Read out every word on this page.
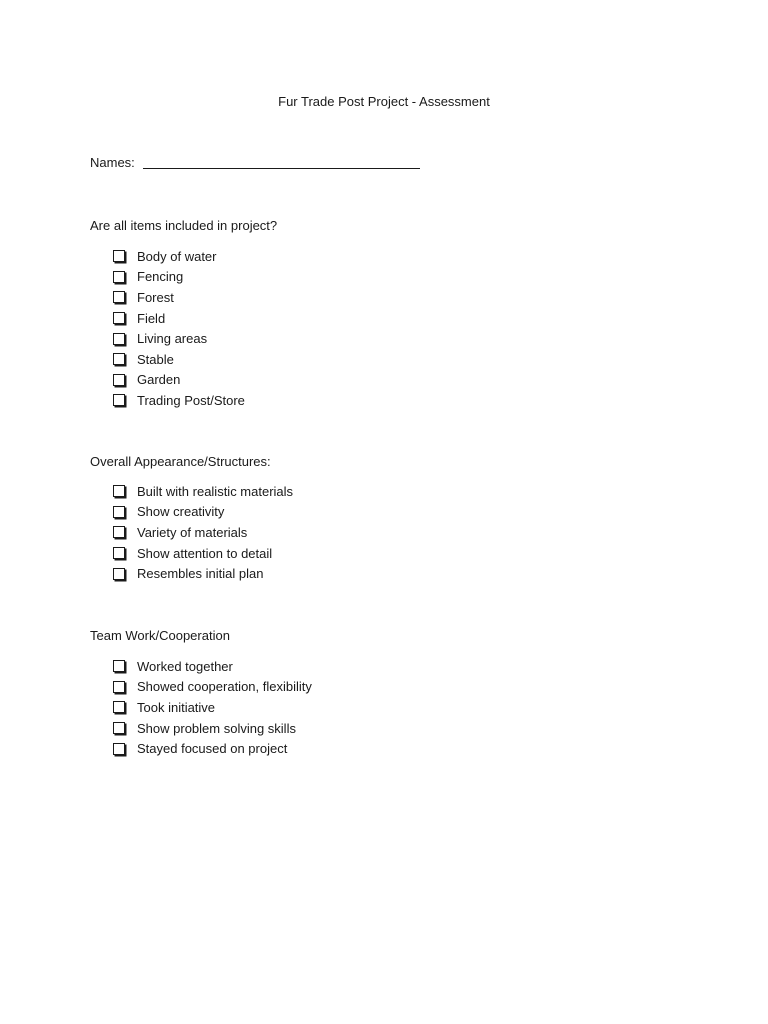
Fur Trade Post Project - Assessment
Names:

Are all items included in project?

Body of water
Fencing
Forest
Field
Living areas
Stable
Garden
Trading Post/Store

Overall Appearance/Structures:

Built with realistic materials
Show creativity
Variety of materials
Show attention to detail
Resembles initial plan

Team Work/Cooperation

Worked together
Showed cooperation, flexibility
Took initiative
Show problem solving skills
Stayed focused on project
